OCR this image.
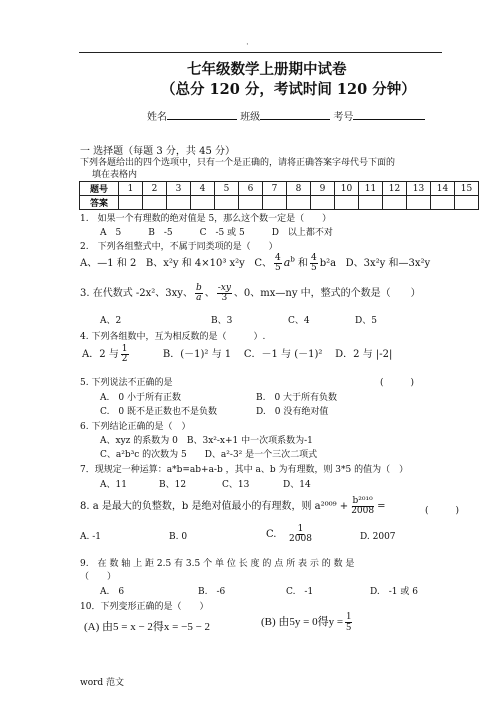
·
七年级数学上册期中试卷
（总分 120 分，考试时间 120 分钟）
姓名	班级	考号
一 选择题（每题 3 分，共 45 分）
下列各题给出的四个选项中，只有一个是正确的，请将正确答案字母代号下面的
填在表格内
题号	1	2	3	4	5	6	7	8	9	10	11	12	13	14	15
答案															
1.　如果一个有理数的绝对值是 5，那么这个数一定是（　　）
A　5　　　B　-5　　　C　-5 或 5　　　D　以上都不对
2.　下列各组整式中，不属于同类项的是（　　）
A、—1 和 2 B、x²y 和 4×10³ x²y C、 $\frac{4}{5} a^b$ 和 $\frac{4}{5} b^2a$ D、3x²y 和—3x²y
3. 在代数式 -2x²、3xy、 $\frac{b}{a}$ 、 $\frac{-xy}{3}$ 、0、mx—ny 中，整式的个数是（　　）
A、2	B、3	C、4	D、5
4. 下列各组数中，互为相反数的是（　　　）.
A．2 与 $\frac{1}{2}$	B．(－1)² 与 1 C．－1 与 (－1)² D．2 与 |-2|
5. 下列说法不正确的是	(　　　)
A.　0 小于所有正数	B.　0 大于所有负数
C.　0 既不是正数也不是负数	D.　0 没有绝对值
6. 下列结论正确的是（　）
A、xyz 的系数为 0　B、3x²-x+1 中一次项系数为-1
C、a²b³c 的次数为 5　　D、a²-3² 是一个三次二项式
7．现规定一种运算：a*b=ab+a-b ，其中 a、b 为有理数，则 3*5 的值为（　）
A、11	B、12	C、13	D、14
8. a 是最大的负整数，b 是绝对值最小的有理数，则 $a^{2009} + \frac{\text{b²⁰¹⁰}}{2008}$ =	(　　　)
A. -1	B. 0	C. $\frac{1}{2008}$	D. 2007
9.　在 数 轴 上 距 2.5 有 3.5 个 单 位 长 度 的 点 所 表 示 的 数 是
（　　）
A.　6	B.　-6	C.　-1	D.　-1 或 6
10．下列变形正确的是（　　）
(A) 由5 = x − 2得x = −5 − 2	(B) 由5y = 0得$y = \frac{1}{5}$
word 范文
